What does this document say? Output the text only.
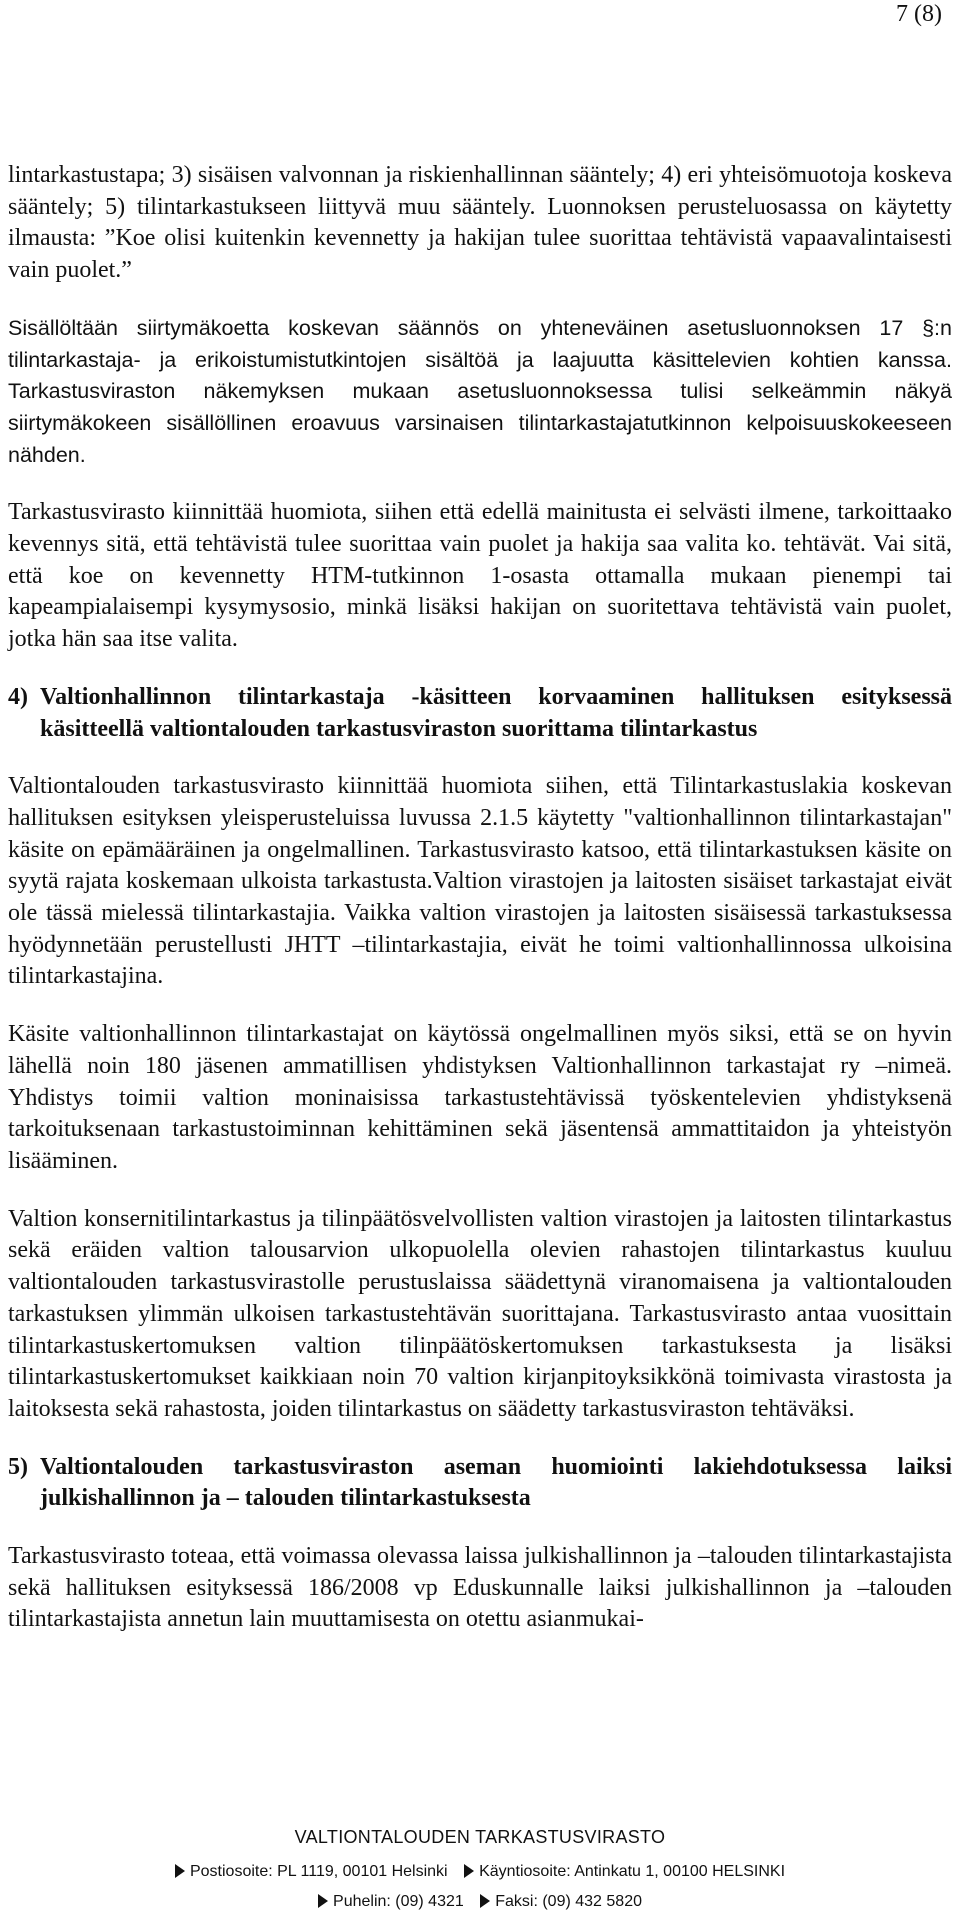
7 (8)

lintarkastustapa; 3) sisäisen valvonnan ja riskienhallinnan sääntely; 4) eri yhteisömuotoja koskeva sääntely; 5) tilintarkastukseen liittyvä muu sääntely. Luonnoksen perusteluosassa on käytetty ilmausta: ”Koe olisi kuitenkin kevennetty ja hakijan tulee suorittaa tehtävistä vapaavalintaisesti vain puolet.”

Sisällöltään siirtymäkoetta koskevan säännös on yhteneväinen asetusluonnoksen 17 §:n tilintarkastaja- ja erikoistumistutkintojen sisältöä ja laajuutta käsittelevien kohtien kanssa. Tarkastusviraston näkemyksen mukaan asetusluonnoksessa tulisi selkeämmin näkyä siirtymäkokeen sisällöllinen eroavuus varsinaisen tilintarkastajatutkinnon kelpoisuuskokeeseen nähden.

Tarkastusvirasto kiinnittää huomiota, siihen että edellä mainitusta ei selvästi ilmene, tarkoittaako kevennys sitä, että tehtävistä tulee suorittaa vain puolet ja hakija saa valita ko. tehtävät. Vai sitä, että koe on kevennetty HTM-tutkinnon 1-osasta ottamalla mukaan pienempi tai kapeampialaisempi kysymysosio, minkä lisäksi hakijan on suoritettava tehtävistä vain puolet, jotka hän saa itse valita.

4) Valtionhallinnon tilintarkastaja -käsitteen korvaaminen hallituksen esityksessä käsitteellä valtiontalouden tarkastusviraston suorittama tilintarkastus

Valtiontalouden tarkastusvirasto kiinnittää huomiota siihen, että Tilintarkastuslakia koskevan hallituksen esityksen yleisperusteluissa luvussa 2.1.5 käytetty "valtionhallinnon tilintarkastajan" käsite on epämääräinen ja ongelmallinen. Tarkastusvirasto katsoo, että tilintarkastuksen käsite on syytä rajata koskemaan ulkoista tarkastusta.Valtion virastojen ja laitosten sisäiset tarkastajat eivät ole tässä mielessä tilintarkastajia. Vaikka valtion virastojen ja laitosten sisäisessä tarkastuksessa hyödynnetään perustellusti JHTT –tilintarkastajia, eivät he toimi valtionhallinnossa ulkoisina tilintarkastajina.

Käsite valtionhallinnon tilintarkastajat on käytössä ongelmallinen myös siksi, että se on hyvin lähellä noin 180 jäsenen ammatillisen yhdistyksen Valtionhallinnon tarkastajat ry –nimeä. Yhdistys toimii valtion moninaisissa tarkastustehtävissä työskentelevien yhdistyksenä tarkoituksenaan tarkastustoiminnan kehittäminen sekä jäsentensä ammattitaidon ja yhteistyön lisääminen.

Valtion konsernitilintarkastus ja tilinpäätösvelvollisten valtion virastojen ja laitosten tilintarkastus sekä eräiden valtion talousarvion ulkopuolella olevien rahastojen tilintarkastus kuuluu valtiontalouden tarkastusvirastolle perustuslaissa säädettynä viranomaisena ja valtiontalouden tarkastuksen ylimmän ulkoisen tarkastustehtävän suorittajana. Tarkastusvirasto antaa vuosittain tilintarkastuskertomuksen valtion tilinpäätöskertomuksen tarkastuksesta ja lisäksi tilintarkastuskertomukset kaikkiaan noin 70 valtion kirjanpitoyksikkönä toimivasta virastosta ja laitoksesta sekä rahastosta, joiden tilintarkastus on säädetty tarkastusviraston tehtäväksi.

5) Valtiontalouden tarkastusviraston aseman huomiointi lakiehdotuksessa laiksi julkishallinnon ja – talouden tilintarkastuksesta

Tarkastusvirasto toteaa, että voimassa olevassa laissa julkishallinnon ja –talouden tilintarkastajista sekä hallituksen esityksessä 186/2008 vp Eduskunnalle laiksi julkishallinnon ja –talouden tilintarkastajista annetun lain muuttamisesta on otettu asianmukai-

VALTIONTALOUDEN TARKASTUSVIRASTO
Postiosoite: PL 1119, 00101 Helsinki Käyntiosoite: Antinkatu 1, 00100 HELSINKI
Puhelin: (09) 4321 Faksi: (09) 432 5820
